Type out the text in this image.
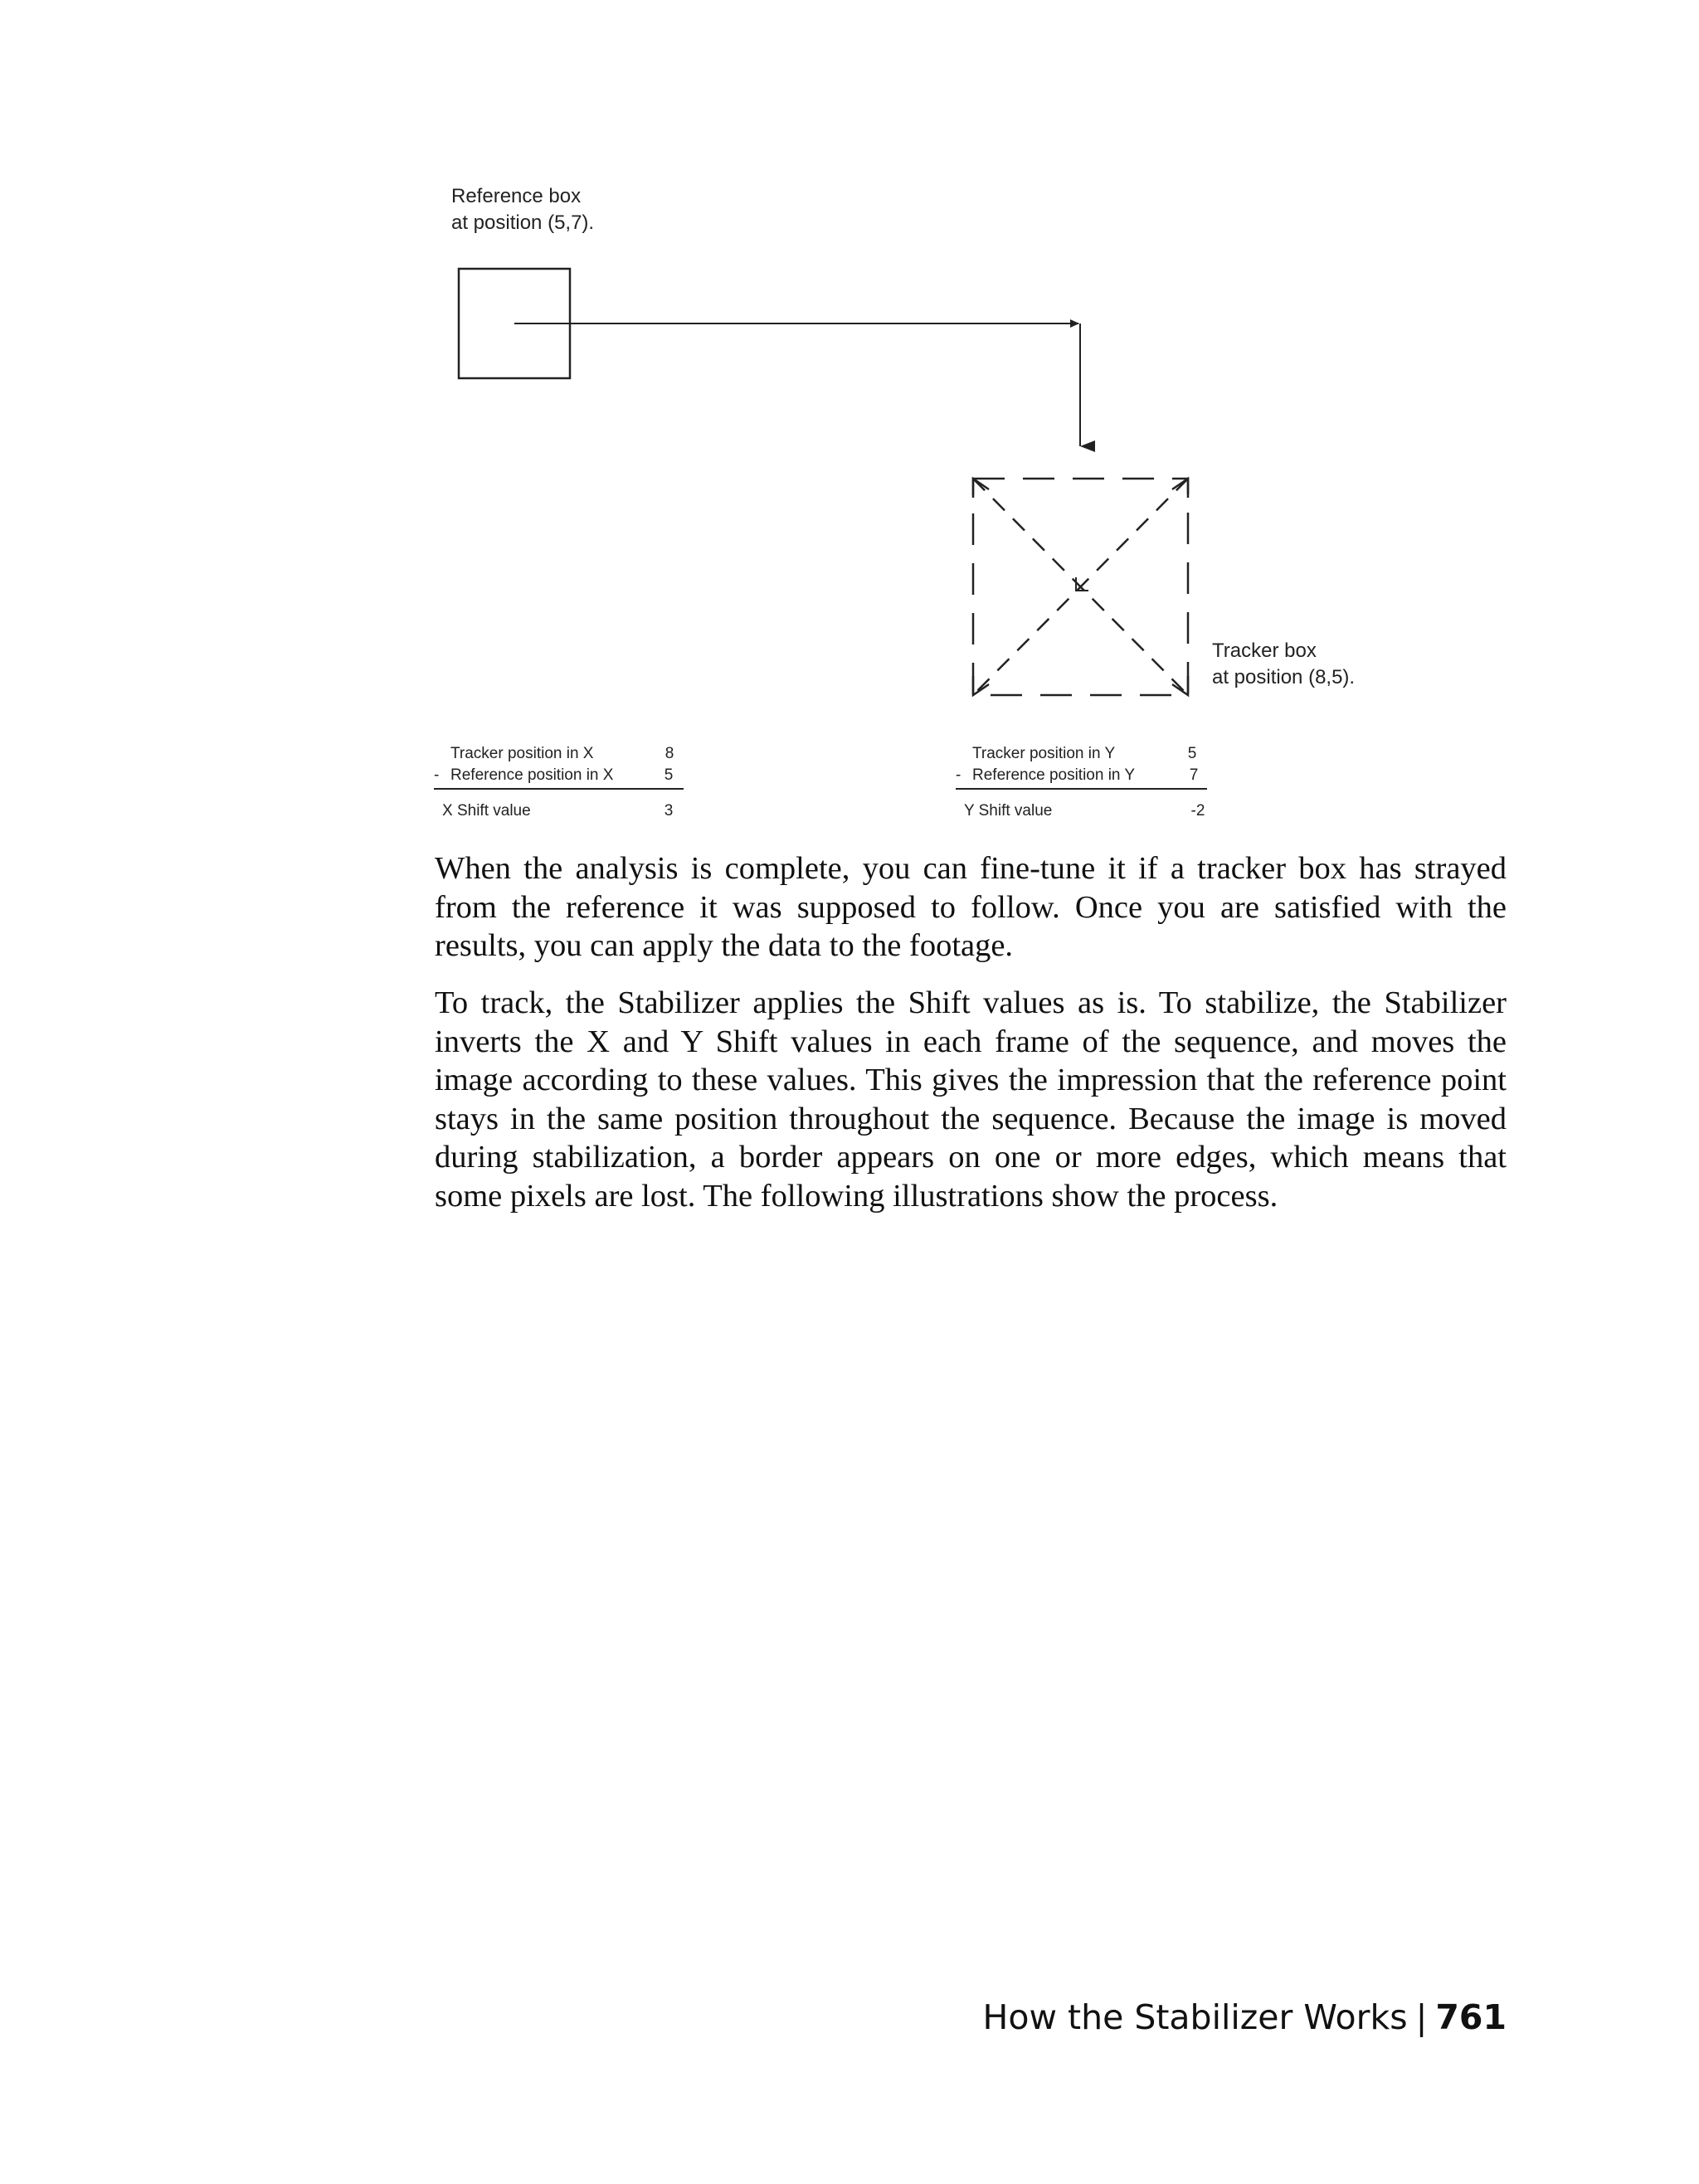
Reference box
at position (5,7).
Tracker box
at position (8,5).
Tracker position in X	8
- Reference position in X	5
X Shift value	3
Tracker position in Y	5
- Reference position in Y	7
Y Shift value	-2

When the analysis is complete, you can fine-tune it if a tracker box has strayed from the reference it was supposed to follow. Once you are satisfied with the results, you can apply the data to the footage.

To track, the Stabilizer applies the Shift values as is. To stabilize, the Stabilizer inverts the X and Y Shift values in each frame of the sequence, and moves the image according to these values. This gives the impression that the reference point stays in the same position throughout the sequence. Because the image is moved during stabilization, a border appears on one or more edges, which means that some pixels are lost. The following illustrations show the process.

How the Stabilizer Works | 761
